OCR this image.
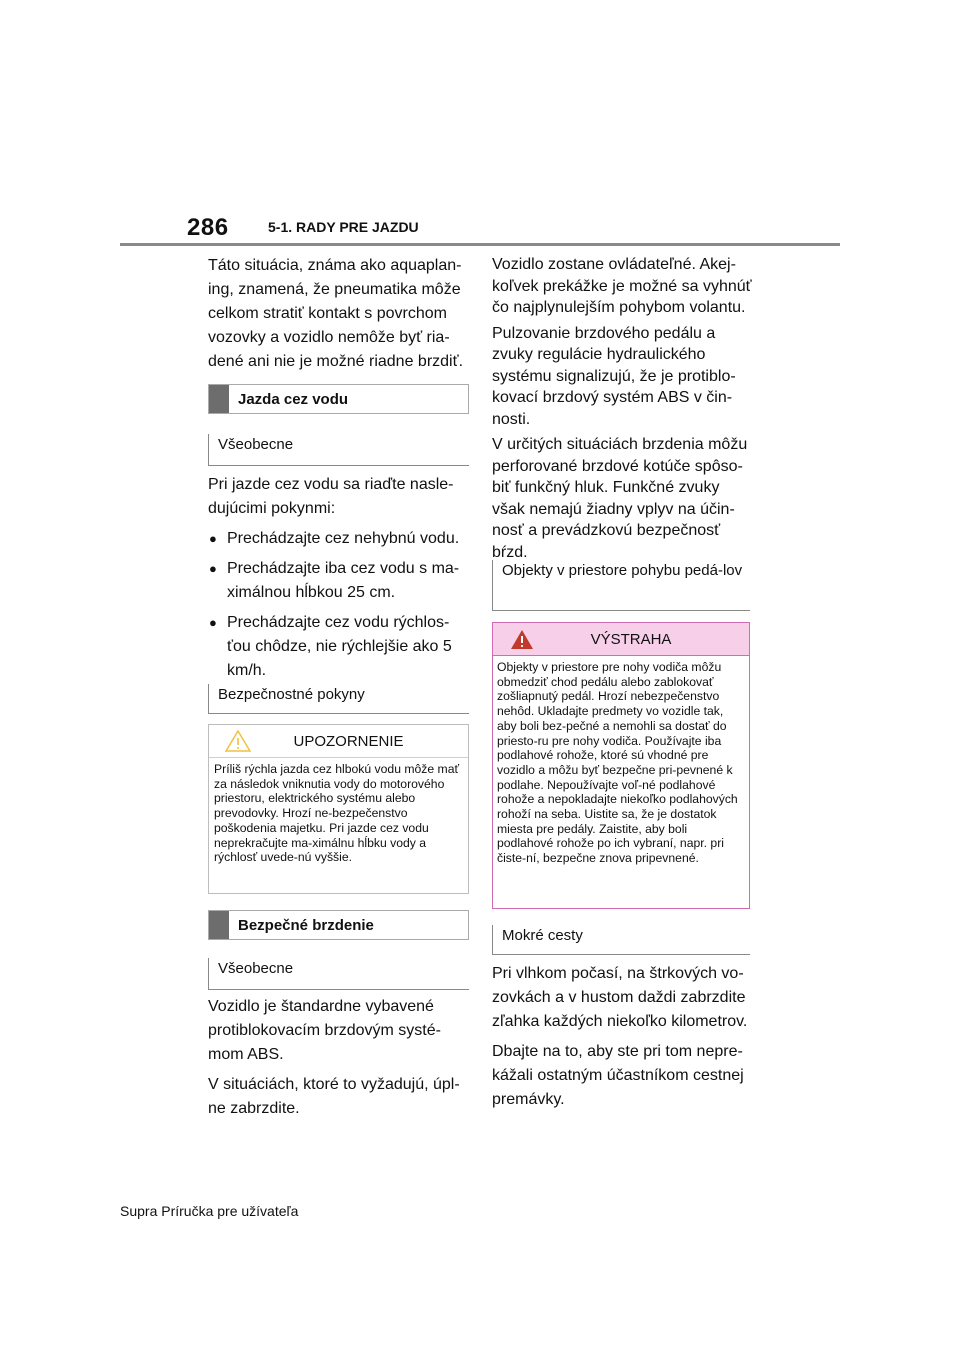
286	5-1. RADY PRE JAZDU

Táto situácia, známa ako aquaplan-ing, znamená, že pneumatika môže celkom stratiť kontakt s povrchom vozovky a vozidlo nemôže byť ria-dené ani nie je možné riadne brzdiť.

Jazda cez vodu
Všeobecne

Pri jazde cez vodu sa riaďte nasle-dujúcimi pokynmi:

● Prechádzajte cez nehybnú vodu.
● Prechádzajte iba cez vodu s ma-ximálnou hĺbkou 25 cm.
● Prechádzajte cez vodu rýchlos-ťou chôdze, nie rýchlejšie ako 5 km/h.
Bezpečnostné pokyny
UPOZORNENIE
Príliš rýchla jazda cez hlbokú vodu môže mať za následok vniknutia vody do motorového priestoru, elektrického systému alebo prevodovky. Hrozí ne-bezpečenstvo poškodenia majetku. Pri jazde cez vodu neprekračujte ma-ximálnu hĺbku vody a rýchlosť uvede-nú vyššie.
Bezpečné brzdenie
Všeobecne

Vozidlo je štandardne vybavené protiblokovacím brzdovým systé-mom ABS.

V situáciách, ktoré to vyžadujú, úpl-ne zabrzdite.

Vozidlo zostane ovládateľné. Akej-koľvek prekážke je možné sa vyhnúť čo najplynulejším pohybom volantu.

Pulzovanie brzdového pedálu a zvuky regulácie hydraulického systému signalizujú, že je protiblo-kovací brzdový systém ABS v čin-nosti.

V určitých situáciách brzdenia môžu perforované brzdové kotúče spôso-biť funkčný hluk. Funkčné zvuky však nemajú žiadny vplyv na účin-nosť a prevádzkovú bezpečnosť bŕzd.

Objekty v priestore pohybu pedá-lov
VÝSTRAHA
Objekty v priestore pre nohy vodiča môžu obmedziť chod pedálu alebo zablokovať zošliapnutý pedál. Hrozí nebezpečenstvo nehôd. Ukladajte predmety vo vozidle tak, aby boli bez-pečné a nemohli sa dostať do priesto-ru pre nohy vodiča. Používajte iba podlahové rohože, ktoré sú vhodné pre vozidlo a môžu byť bezpečne pri-pevnené k podlahe. Nepoužívajte voľ-né podlahové rohože a nepokladajte niekoľko podlahových rohoží na seba. Uistite sa, že je dostatok miesta pre pedály. Zaistite, aby boli podlahové rohože po ich vybraní, napr. pri čiste-ní, bezpečne znova pripevnené.
Mokré cesty

Pri vlhkom počasí, na štrkových vo-zovkách a v hustom daždi zabrzdite zľahka každých niekoľko kilometrov.

Dbajte na to, aby ste pri tom nepre-kážali ostatným účastníkom cestnej premávky.

Supra Príručka pre užívateľa
